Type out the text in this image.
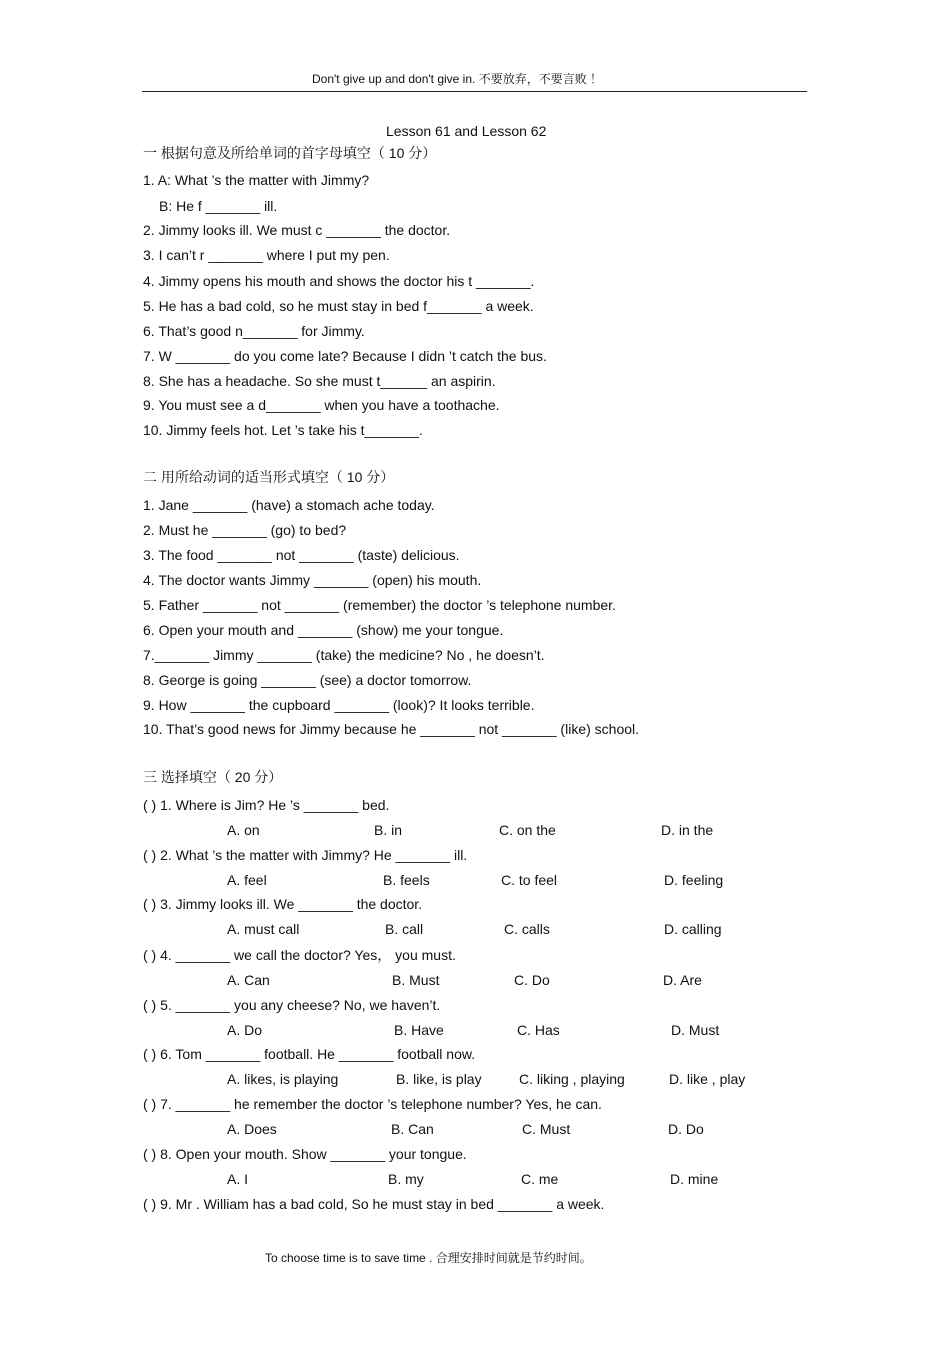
Don't give up and don't give in. 不要放弃，不要言败 ！
Lesson 61 and Lesson 62
一 根据句意及所给单词的首字母填空（ 10 分）
1. A: What ’s the matter with Jimmy?
B: He f _______ ill.
2. Jimmy looks ill. We must c _______ the doctor.
3. I can’t r _______ where I put my pen.
4. Jimmy opens his mouth and shows the doctor his t _______.
5. He has a bad cold, so he must stay in bed f_______ a week.
6. That’s good n_______ for Jimmy.
7. W _______ do you come late? Because I didn ’t catch the bus.
8. She has a headache. So she must t______ an aspirin.
9. You must see a d_______ when you have a toothache.
10. Jimmy feels hot. Let ’s take his t_______.
二 用所给动词的适当形式填空（ 10 分）
1. Jane _______ (have) a stomach ache today.
2. Must he _______ (go) to bed?
3. The food _______ not _______ (taste) delicious.
4. The doctor wants Jimmy _______ (open) his mouth.
5. Father _______ not _______ (remember) the doctor ’s telephone number.
6. Open your mouth and _______ (show) me your tongue.
7._______ Jimmy _______ (take) the medicine? No , he doesn’t.
8. George is going _______ (see) a doctor tomorrow.
9. How _______ the cupboard _______ (look)? It looks terrible.
10. That’s good news for Jimmy because he _______ not _______ (like) school.
三 选择填空（ 20 分）
( ) 1. Where is Jim? He ’s _______ bed.
A. on	B. in	C. on the	D. in the
( ) 2. What ’s the matter with Jimmy? He _______ ill.
A. feel	B. feels	C. to feel	D. feeling
( ) 3. Jimmy looks ill. We _______ the doctor.
A. must call	B. call	C. calls	D. calling
( ) 4. _______ we call the doctor? Yes， you must.
A. Can	B. Must	C. Do	D. Are
( ) 5. _______ you any cheese? No, we haven’t.
A. Do	B. Have	C. Has	D. Must
( ) 6. Tom _______ football. He _______ football now.
A. likes, is playing	B. like, is play	C. liking , playing	D. like , play
( ) 7. _______ he remember the doctor ’s telephone number? Yes, he can.
A. Does	B. Can	C. Must	D. Do
( ) 8. Open your mouth. Show _______ your tongue.
A. I	B. my	C. me	D. mine
( ) 9. Mr . William has a bad cold, So he must stay in bed _______ a week.
To choose time is to save time . 合理安排时间就是节约时间。
